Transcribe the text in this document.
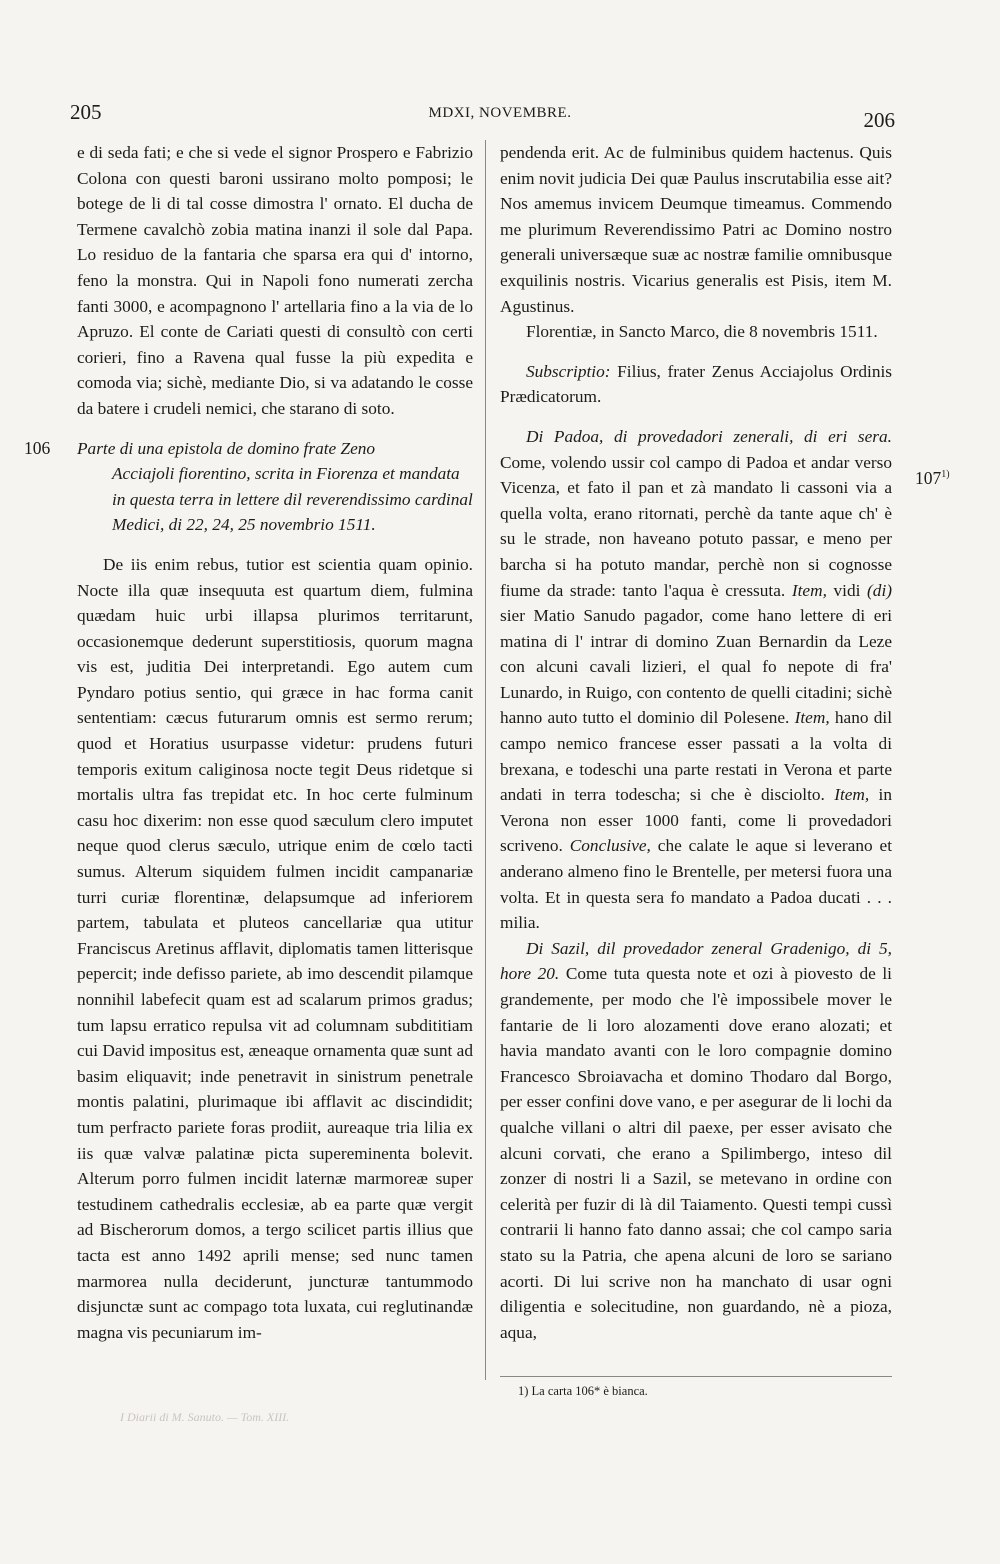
205	MDXI, NOVEMBRE.	206

e di seda fati; e che si vede el signor Prospero e Fabrizio Colona con questi baroni ussirano molto pomposi; le botege de li di tal cosse dimostra l' ornato. El ducha de Termene cavalchò zobia matina inanzi il sole dal Papa. Lo residuo de la fantaria che sparsa era qui d' intorno, feno la monstra. Qui in Napoli fono numerati zercha fanti 3000, e acompagnono l' artellaria fino a la via de lo Apruzo. El conte de Cariati questi di consultò con certi corieri, fino a Ravena qual fusse la più expedita e comoda via; sichè, mediante Dio, si va adatando le cosse da batere i crudeli nemici, che starano di soto.

106 Parte di una epistola de domino frate Zeno
Acciajoli fiorentino, scrita in Fiorenza et mandata in questa terra in lettere dil reverendissimo cardinal Medici, di 22, 24, 25 novembrio 1511.

De iis enim rebus, tutior est scientia quam opinio. Nocte illa quæ insequuta est quartum diem, fulmina quædam huic urbi illapsa plurimos territarunt, occasionemque dederunt superstitiosis, quorum magna vis est, juditia Dei interpretandi. Ego autem cum Pyndaro potius sentio, qui græce in hac forma canit sententiam: cæcus futurarum omnis est sermo rerum; quod et Horatius usurpasse videtur: prudens futuri temporis exitum caliginosa nocte tegit Deus ridetque si mortalis ultra fas trepidat etc. In hoc certe fulminum casu hoc dixerim: non esse quod sæculum clero imputet neque quod clerus sæculo, utrique enim de cœlo tacti sumus. Alterum siquidem fulmen incidit campanariæ turri curiæ florentinæ, delapsumque ad inferiorem partem, tabulata et pluteos cancellariæ qua utitur Franciscus Aretinus afflavit, diplomatis tamen litterisque pepercit; inde defisso pariete, ab imo descendit pilamque nonnihil labefecit quam est ad scalarum primos gradus; tum lapsu erratico repulsa vit ad columnam subdititiam cui David impositus est, æneaque ornamenta quæ sunt ad basim eliquavit; inde penetravit in sinistrum penetrale montis palatini, plurimaque ibi afflavit ac discindidit; tum perfracto pariete foras prodiit, aureaque tria lilia ex iis quæ valvæ palatinæ picta supereminenta bolevit. Alterum porro fulmen incidit laternæ marmoreæ super testudinem cathedralis ecclesiæ, ab ea parte quæ vergit ad Bischerorum domos, a tergo scilicet partis illius que tacta est anno 1492 aprili mense; sed nunc tamen marmorea nulla deciderunt, juncturæ tantummodo disjunctæ sunt ac compago tota luxata, cui reglutinandæ magna vis pecuniarum im-

pendenda erit. Ac de fulminibus quidem hactenus. Quis enim novit judicia Dei quæ Paulus inscrutabilia esse ait? Nos amemus invicem Deumque timeamus. Commendo me plurimum Reverendissimo Patri ac Domino nostro generali universæque suæ ac nostræ familie omnibusque exquilinis nostris. Vicarius generalis est Pisis, item M. Agustinus.

Florentiæ, in Sancto Marco, die 8 novembris 1511.

Subscriptio: Filius, frater Zenus Acciajolus Ordinis Prædicatorum.

Di Padoa, di provedadori zenerali, di eri sera. Come, volendo ussir col campo di Padoa et andar verso Vicenza, et fato il pan et zà mandato li cassoni via a quella volta, erano ritornati, perchè da tante aque ch' è su le strade, non haveano potuto passar, e meno per barcha si ha potuto mandar, perchè non si cognosse fiume da strade: tanto l'aqua è cressuta. Item, vidi (di) sier Matio Sanudo pagador, come hano lettere di eri matina di l' intrar di domino Zuan Bernardin da Leze con alcuni cavali lizieri, el qual fo nepote di fra' Lunardo, in Ruigo, con contento de quelli citadini; sichè hanno auto tutto el dominio dil Polesene. Item, hano dil campo nemico francese esser passati a la volta di brexana, e todeschi una parte restati in Verona et parte andati in terra todescha; si che è disciolto. Item, in Verona non esser 1000 fanti, come li provedadori scriveno. Conclusive, che calate le aque si leverano et anderano almeno fino le Brentelle, per metersi fuora una volta. Et in questa sera fo mandato a Padoa ducati . . . milia.

Di Sazil, dil provedador zeneral Gradenigo, di 5, hore 20. Come tuta questa note et ozi à piovesto de li grandemente, per modo che l'è impossibele mover le fantarie de li loro alozamenti dove erano alozati; et havia mandato avanti con le loro compagnie domino Francesco Sbroiavacha et domino Thodaro dal Borgo, per esser confini dove vano, e per asegurar de li lochi da qualche villani o altri dil paexe, per esser avisato che alcuni corvati, che erano a Spilimbergo, inteso dil zonzer di nostri li a Sazil, se metevano in ordine con celerità per fuzir di là dil Taiamento. Questi tempi cussì contrarii li hanno fato danno assai; che col campo saria stato su la Patria, che apena alcuni de loro se sariano acorti. Di lui scrive non ha manchato di usar ogni diligentia e solecitudine, non guardando, nè a pioza, aqua,

107$^{1)}$
1) La carta 106* è bianca.
I Diarii di M. Sanuto. — Tom. XIII.
